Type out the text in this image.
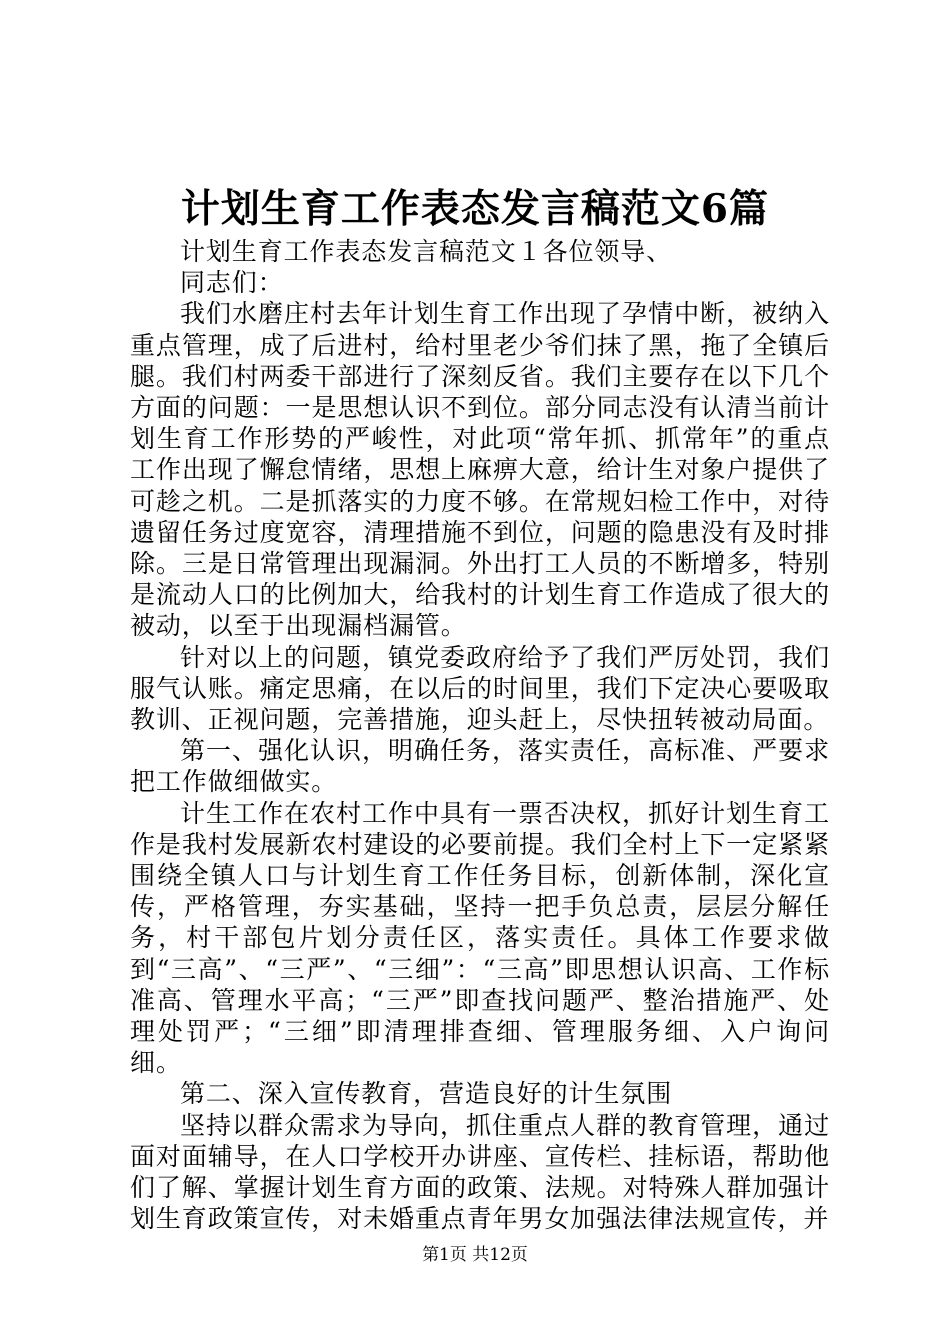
计划生育工作表态发言稿范文6篇

计划生育工作表态发言稿范文１各位领导、

同志们：

我们水磨庄村去年计划生育工作出现了孕情中断，被纳入重点管理，成了后进村，给村里老少爷们抹了黑，拖了全镇后腿。我们村两委干部进行了深刻反省。我们主要存在以下几个方面的问题：一是思想认识不到位。部分同志没有认清当前计划生育工作形势的严峻性，对此项“常年抓、抓常年”的重点工作出现了懈怠情绪，思想上麻痹大意，给计生对象户提供了可趁之机。二是抓落实的力度不够。在常规妇检工作中，对待遗留任务过度宽容，清理措施不到位，问题的隐患没有及时排除。三是日常管理出现漏洞。外出打工人员的不断增多，特别是流动人口的比例加大，给我村的计划生育工作造成了很大的被动，以至于出现漏档漏管。

针对以上的问题，镇党委政府给予了我们严厉处罚，我们服气认账。痛定思痛，在以后的时间里，我们下定决心要吸取教训、正视问题，完善措施，迎头赶上，尽快扭转被动局面。

第一、强化认识，明确任务，落实责任，高标准、严要求把工作做细做实。

计生工作在农村工作中具有一票否决权，抓好计划生育工作是我村发展新农村建设的必要前提。我们全村上下一定紧紧围绕全镇人口与计划生育工作任务目标，创新体制，深化宣传，严格管理，夯实基础，坚持一把手负总责，层层分解任务，村干部包片划分责任区，落实责任。具体工作要求做到“三高”、“三严”、“三细”：“三高”即思想认识高、工作标准高、管理水平高；“三严”即查找问题严、整治措施严、处理处罚严；“三细”即清理排查细、管理服务细、入户询问细。

第二、深入宣传教育，营造良好的计生氛围

坚持以群众需求为导向，抓住重点人群的教育管理，通过面对面辅导，在人口学校开办讲座、宣传栏、挂标语，帮助他们了解、掌握计划生育方面的政策、法规。对特殊人群加强计划生育政策宣传，对未婚重点青年男女加强法律法规宣传，并

第1页 共12页
